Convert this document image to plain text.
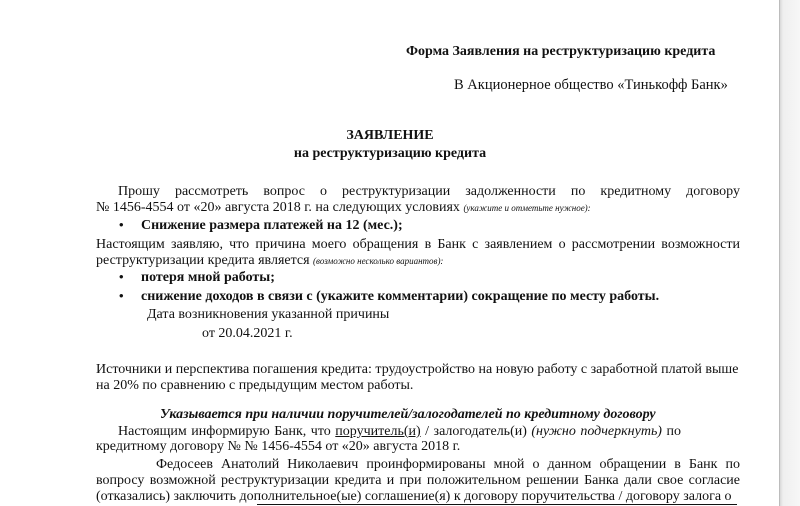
Форма Заявления на реструктуризацию кредита
В Акционерное общество «Тинькофф Банк»
ЗАЯВЛЕНИЕ
на реструктуризацию кредита
Прошу рассмотреть вопрос о реструктуризации задолженности по кредитному договору
№ 1456-4554 от «20» августа 2018 г. на следующих условиях (укажите и отметьте нужное):
• Снижение размера платежей на 12 (мес.);
Настоящим заявляю, что причина моего обращения в Банк с заявлением о рассмотрении возможности
реструктуризации кредита является (возможно несколько вариантов):
• потеря мной работы;
• снижение доходов в связи с (укажите комментарии) сокращение по месту работы.
Дата возникновения указанной причины
от 20.04.2021 г.
Источники и перспектива погашения кредита: трудоустройство на новую работу с заработной платой выше
на 20% по сравнению с предыдущим местом работы.
Указывается при наличии поручителей/залогодателей по кредитному договору
Настоящим информирую Банк, что поручитель(и) / залогодатель(и) (нужно подчеркнуть) по
кредитному договору № № 1456-4554 от «20» августа 2018 г.
Федосеев Анатолий Николаевич проинформированы мной о данном обращении в Банк по
вопросу возможной реструктуризации кредита и при положительном решении Банка дали свое согласие
(отказались) заключить дополнительное(ые) соглашение(я) к договору поручительства / договору залога о
